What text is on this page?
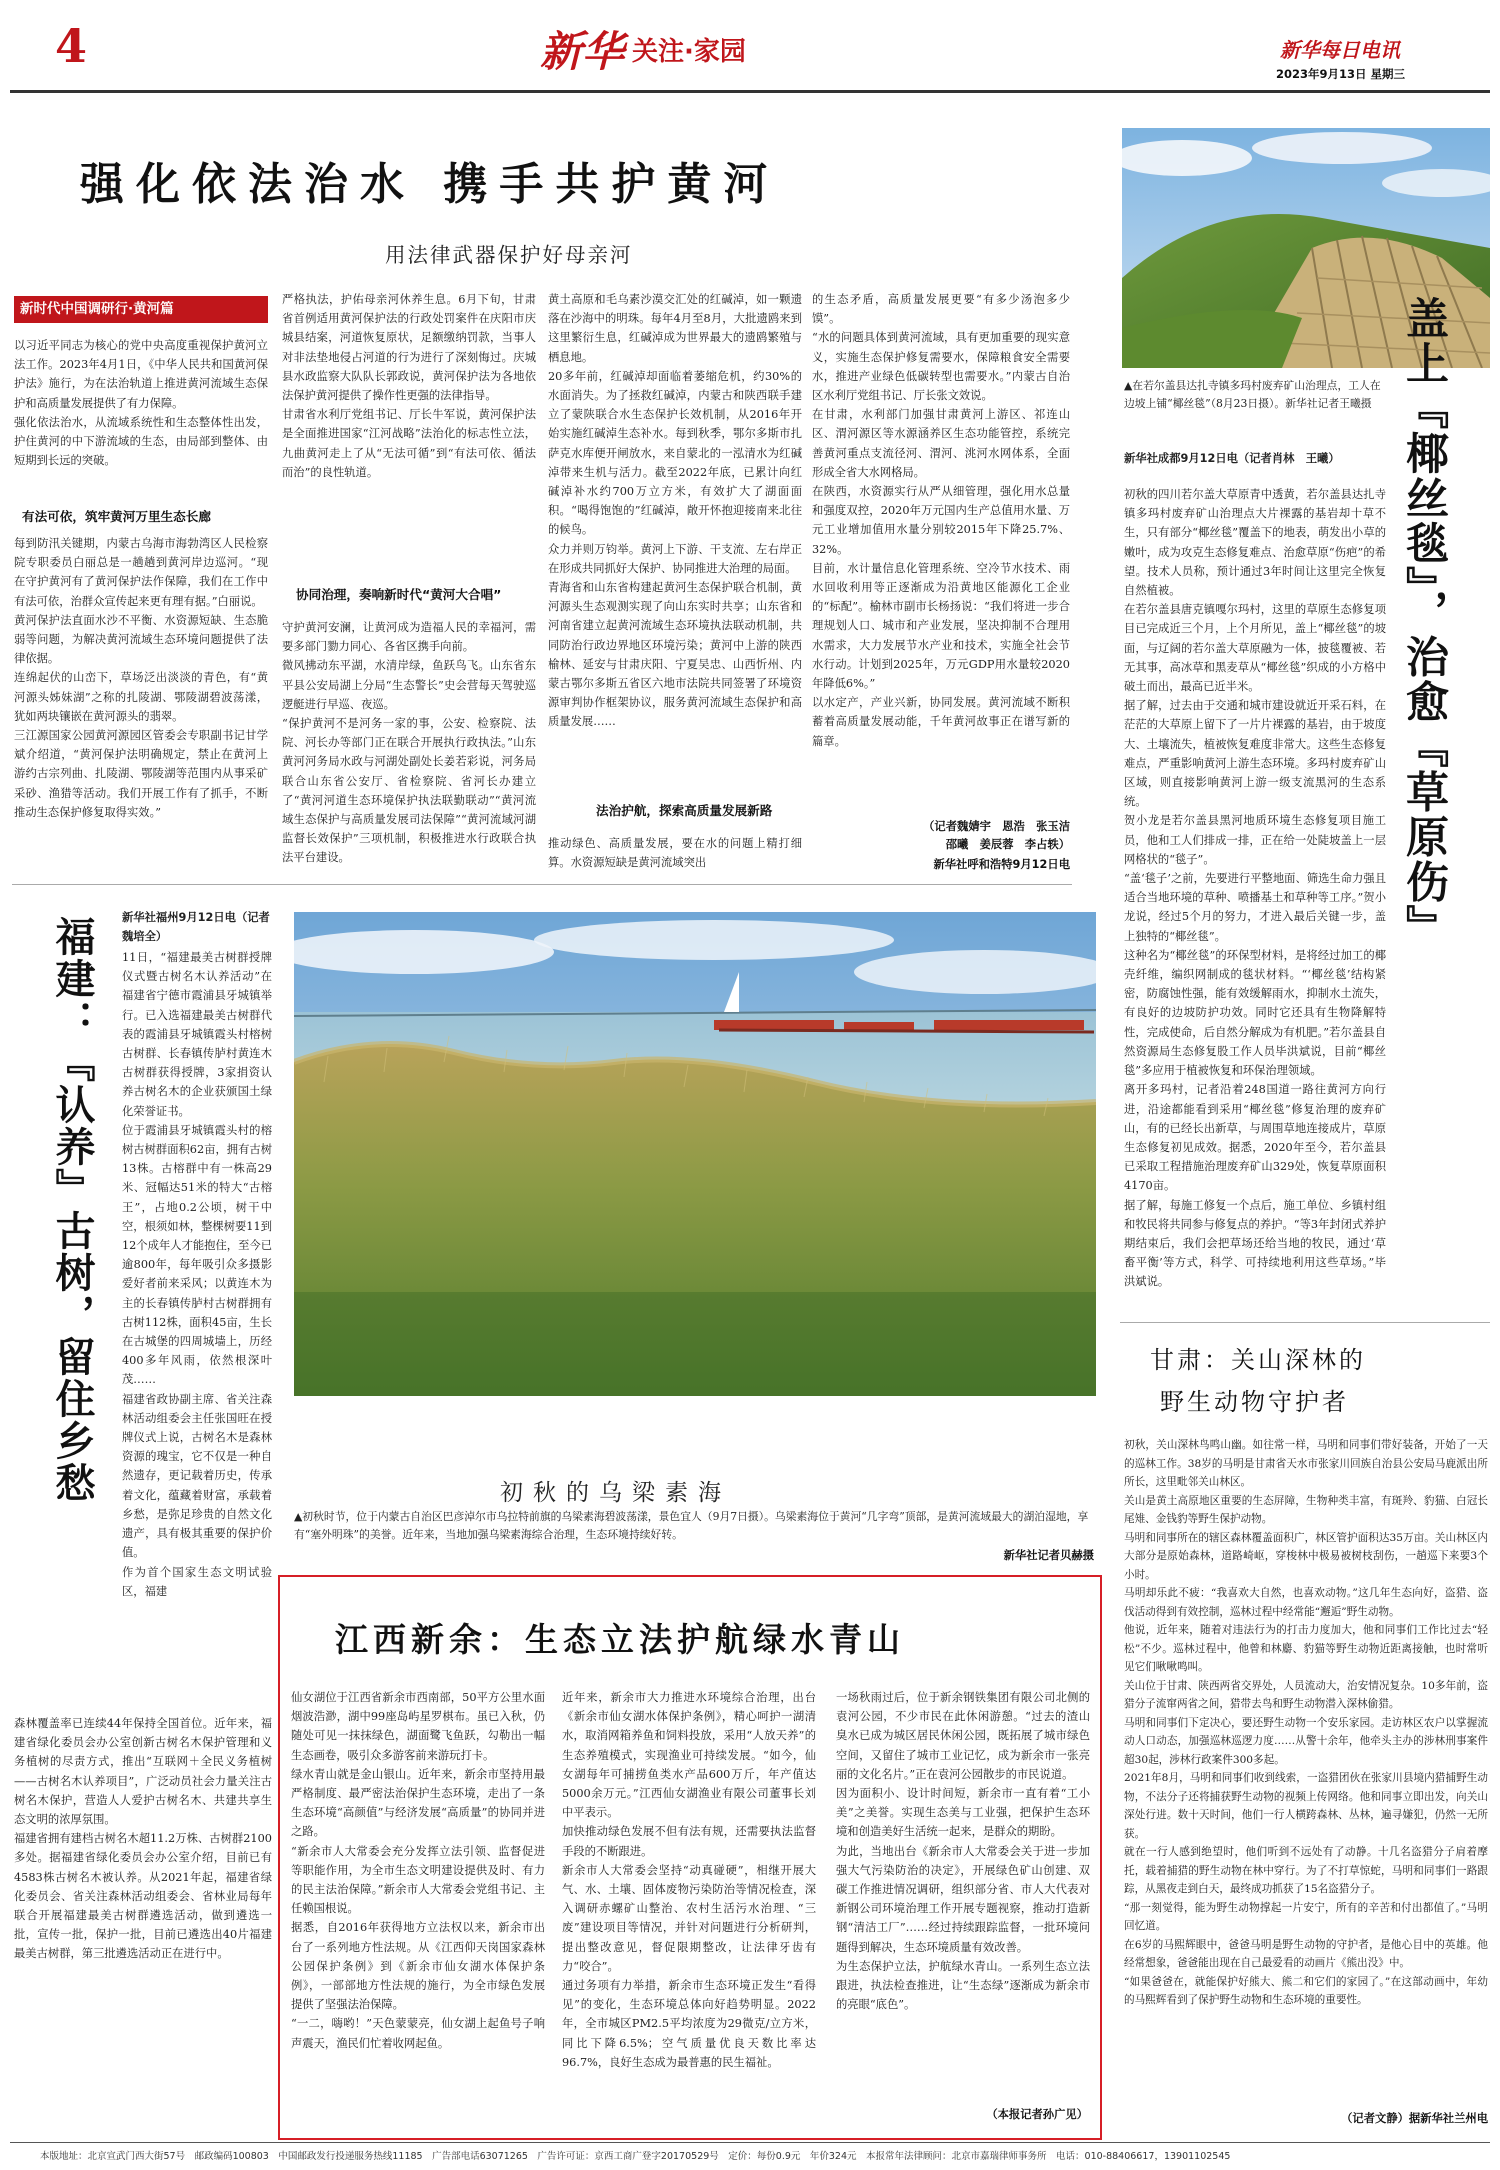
4	新华 关注·家园	新华每日电讯
2023年9月13日 星期三
强化依法治水 携手共护黄河
用法律武器保护好母亲河
新时代中国调研行·黄河篇
以习近平同志为核心的党中央高度重视保护黄河立法工作。2023年4月1日，《中华人民共和国黄河保护法》施行，为在法治轨道上推进黄河流域生态保护和高质量发展提供了有力保障。
强化依法治水，从流域系统性和生态整体性出发，护住黄河的中下游流域的生态，由局部到整体、由短期到长远的突破。
有法可依，筑牢黄河万里生态长廊
每到防汛关键期，内蒙古乌海市海勃湾区人民检察院专职委员白丽总是一趟趟到黄河岸边巡河。“现在守护黄河有了黄河保护法作保障，我们在工作中有法可依，治群众宣传起来更有理有据。”白丽说。
黄河保护法直面水沙不平衡、水资源短缺、生态脆弱等问题，为解决黄河流域生态环境问题提供了法律依据。
连绵起伏的山峦下，草场泛出淡淡的青色，有“黄河源头姊妹湖”之称的扎陵湖、鄂陵湖碧波荡漾，犹如两块镶嵌在黄河源头的翡翠。
三江源国家公园黄河源园区管委会专职副书记甘学斌介绍道，“黄河保护法明确规定，禁止在黄河上游约古宗列曲、扎陵湖、鄂陵湖等范围内从事采矿采砂、渔猎等活动。我们开展工作有了抓手，不断推动生态保护修复取得实效。”
严格执法，护佑母亲河休养生息。6月下旬，甘肃省首例适用黄河保护法的行政处罚案件在庆阳市庆城县结案，河道恢复原状，足额缴纳罚款，当事人对非法垫地侵占河道的行为进行了深刻悔过。庆城县水政监察大队队长郭政说，黄河保护法为各地依法保护黄河提供了操作性更强的法律指导。
甘肃省水利厅党组书记、厅长牛军说，黄河保护法是全面推进国家“江河战略”法治化的标志性立法，九曲黄河走上了从“无法可循”到“有法可依、循法而治”的良性轨道。
协同治理，奏响新时代“黄河大合唱”
守护黄河安澜，让黄河成为造福人民的幸福河，需要多部门勠力同心、各省区携手向前。
微风拂动东平湖，水清岸绿，鱼跃鸟飞。山东省东平县公安局湖上分局“生态警长”史会营每天驾驶巡逻艇进行早巡、夜巡。
“保护黄河不是河务一家的事，公安、检察院、法院、河长办等部门正在联合开展执行政执法。”山东黄河河务局水政与河湖处副处长姜若彩说，河务局联合山东省公安厅、省检察院、省河长办建立了“黄河河道生态环境保护执法联勤联动”“黄河流域生态保护与高质量发展司法保障”“黄河流域河湖监督长效保护”三项机制，积极推进水行政联合执法平台建设。
黄土高原和毛乌素沙漠交汇处的红碱淖，如一颗遗落在沙海中的明珠。每年4月至8月，大批遗鸥来到这里繁衍生息，红碱淖成为世界最大的遗鸥繁殖与栖息地。
20多年前，红碱淖却面临着萎缩危机，约30%的水面消失。为了拯救红碱淖，内蒙古和陕西联手建立了蒙陕联合水生态保护长效机制，从2016年开始实施红碱淖生态补水。每到秋季，鄂尔多斯市扎萨克水库便开闸放水，来自蒙北的一泓清水为红碱淖带来生机与活力。截至2022年底，已累计向红碱淖补水约700万立方米，有效扩大了湖面面积。“喝得饱饱的”红碱淖，敞开怀抱迎接南来北往的候鸟。
众力并则万钧举。黄河上下游、干支流、左右岸正在形成共同抓好大保护、协同推进大治理的局面。
青海省和山东省构建起黄河生态保护联合机制，黄河源头生态观测实现了向山东实时共享；山东省和河南省建立起黄河流域生态环境执法联动机制，共同防治行政边界地区环境污染；黄河中上游的陕西榆林、延安与甘肃庆阳、宁夏吴忠、山西忻州、内蒙古鄂尔多斯五省区六地市法院共同签署了环境资源审判协作框架协议，服务黄河流域生态保护和高质量发展……
法治护航，探索高质量发展新路
推动绿色、高质量发展，要在水的问题上精打细算。水资源短缺是黄河流域突出
的生态矛盾，高质量发展更要“有多少汤泡多少馍”。
“水的问题具体到黄河流域，具有更加重要的现实意义，实施生态保护修复需要水，保障粮食安全需要水，推进产业绿色低碳转型也需要水。”内蒙古自治区水利厅党组书记、厅长张文效说。
在甘肃，水利部门加强甘肃黄河上游区、祁连山区、渭河源区等水源涵养区生态功能管控，系统完善黄河重点支流径河、渭河、洮河水网体系，全面形成全省大水网格局。
在陕西，水资源实行从严从细管理，强化用水总量和强度双控，2020年万元国内生产总值用水量、万元工业增加值用水量分别较2015年下降25.7%、32%。
目前，水计量信息化管理系统、空冷节水技术、雨水回收利用等正逐渐成为沿黄地区能源化工企业的“标配”。榆林市副市长杨扬说：“我们将进一步合理规划人口、城市和产业发展，坚决抑制不合理用水需求，大力发展节水产业和技术，实施全社会节水行动。计划到2025年，万元GDP用水量较2020年降低6%。”
以水定产，产业兴新，协同发展。黄河流域不断积蓄着高质量发展动能，千年黄河故事正在谱写新的篇章。
（记者魏婧宇　恩浩　张玉洁
邵曦　姜辰蓉　李占轶）
新华社呼和浩特9月12日电
▲在若尔盖县达扎寺镇多玛村废弃矿山治理点，工人在边坡上铺“椰丝毯”（8月23日摄）。新华社记者王曦摄 盖上『椰丝毯』，治愈『草原伤』
新华社成都9月12日电（记者肖林　王曦）
初秋的四川若尔盖大草原青中透黄，若尔盖县达扎寺镇多玛村废弃矿山治理点大片裸露的基岩却十草不生，只有部分“椰丝毯”覆盖下的地表，萌发出小草的嫩叶，成为攻克生态修复难点、治愈草原“伤疤”的希望。技术人员称，预计通过3年时间让这里完全恢复自然植被。
在若尔盖县唐克镇嘎尔玛村，这里的草原生态修复项目已完成近三个月，上个月所见，盖上“椰丝毯”的坡面，与辽阔的若尔盖大草原融为一体，披毯覆被、若无其事，高冰草和黑麦草从“椰丝毯”织成的小方格中破土而出，最高已近半米。
据了解，过去由于交通和城市建设就近开采石料，在茫茫的大草原上留下了一片片裸露的基岩，由于坡度大、土壤流失，植被恢复难度非常大。这些生态修复难点，严重影响黄河上游生态环境。多玛村废弃矿山区域，则直接影响黄河上游一级支流黑河的生态系统。
贺小龙是若尔盖县黑河地质环境生态修复项目施工员，他和工人们排成一排，正在给一处陡坡盖上一层网格状的“毯子”。
“盖‘毯子’之前，先要进行平整地面、筛选生命力强且适合当地环境的草种、喷播基土和草种等工序。”贺小龙说，经过5个月的努力，才进入最后关键一步，盖上独特的“椰丝毯”。
这种名为“椰丝毯”的环保型材料，是将经过加工的椰壳纤维，编织网制成的毯状材料。“‘椰丝毯’结构紧密，防腐蚀性强，能有效缓解雨水，抑制水土流失，有良好的边坡防护功效。同时它还具有生物降解特性，完成使命，后自然分解成为有机肥。”若尔盖县自然资源局生态修复股工作人员毕洪斌说，目前“椰丝毯”多应用于植被恢复和环保治理领域。
离开多玛村，记者沿着248国道一路往黄河方向行进，沿途都能看到采用“椰丝毯”修复治理的废弃矿山，有的已经长出新草，与周围草地连接成片，草原生态修复初见成效。据悉，2020年至今，若尔盖县已采取工程措施治理废弃矿山329处，恢复草原面积4170亩。
据了解，每施工修复一个点后，施工单位、乡镇村组和牧民将共同参与修复点的养护。“等3年封闭式养护期结束后，我们会把草场还给当地的牧民，通过‘草畜平衡’等方式，科学、可持续地利用这些草场。”毕洪斌说。
福建：『认养』古树，留住乡愁 新华社福州9月12日电（记者魏培全）
11日，“福建最美古树群授牌仪式暨古树名木认养活动”在福建省宁德市霞浦县牙城镇举行。已入选福建最美古树群代表的霞浦县牙城镇霞头村榕树古树群、长春镇传胪村黄连木古树群获得授牌，3家捐资认养古树名木的企业获颁国土绿化荣誉证书。
位于霞浦县牙城镇霞头村的榕树古树群面积62亩，拥有古树13株。古榕群中有一株高29米、冠幅达51米的特大“古榕王”，占地0.2公顷，树干中空，根须如林，整棵树要11到12个成年人才能抱住，至今已逾800年，每年吸引众多摄影爱好者前来采风；以黄连木为主的长春镇传胪村古树群拥有古树112株，面积45亩，生长在古城堡的四周城墙上，历经400多年风雨，依然根深叶茂……
福建省政协副主席、省关注森林活动组委会主任张国旺在授牌仪式上说，古树名木是森林资源的瑰宝，它不仅是一种自然遗存，更记载着历史，传承着文化，蕴藏着财富，承载着乡愁，是弥足珍贵的自然文化遗产，具有极其重要的保护价值。
作为首个国家生态文明试验区，福建
森林覆盖率已连续44年保持全国首位。近年来，福建省绿化委员会办公室创新古树名木保护管理和义务植树的尽责方式，推出“互联网＋全民义务植树——古树名木认养项目”，广泛动员社会力量关注古树名木保护，营造人人爱护古树名木、共建共享生态文明的浓厚氛围。
福建省拥有建档古树名木超11.2万株、古树群2100多处。据福建省绿化委员会办公室介绍，目前已有4583株古树名木被认养。从2021年起，福建省绿化委员会、省关注森林活动组委会、省林业局每年联合开展福建最美古树群遴选活动，做到遴选一批，宣传一批，保护一批，目前已遴选出40片福建最美古树群，第三批遴选活动正在进行中。
初秋的乌梁素海
▲初秋时节，位于内蒙古自治区巴彦淖尔市乌拉特前旗的乌梁素海碧波荡漾，景色宜人（9月7日摄）。乌梁素海位于黄河“几字弯”顶部，是黄河流域最大的湖泊湿地，享有“塞外明珠”的美誉。近年来，当地加强乌梁素海综合治理，生态环境持续好转。
新华社记者贝赫摄
江西新余：生态立法护航绿水青山
仙女湖位于江西省新余市西南部，50平方公里水面烟波浩渺，湖中99座岛屿星罗棋布。虽已入秋，仍随处可见一抹抹绿色，湖面鹭飞鱼跃，勾勒出一幅生态画卷，吸引众多游客前来游玩打卡。
绿水青山就是金山银山。近年来，新余市坚持用最严格制度、最严密法治保护生态环境，走出了一条生态环境“高颜值”与经济发展“高质量”的协同并进之路。
“新余市人大常委会充分发挥立法引领、监督促进等职能作用，为全市生态文明建设提供及时、有力的民主法治保障。”新余市人大常委会党组书记、主任赖国根说。
据悉，自2016年获得地方立法权以来，新余市出台了一系列地方性法规。从《江西仰天岗国家森林公园保护条例》到《新余市仙女湖水体保护条例》，一部部地方性法规的施行，为全市绿色发展提供了坚强法治保障。
“一二，嗨哟！”天色蒙蒙亮，仙女湖上起鱼号子响声震天，渔民们忙着收网起鱼。
近年来，新余市大力推进水环境综合治理，出台《新余市仙女湖水体保护条例》，精心呵护一湖清水，取消网箱养鱼和饲料投放，采用“人放天养”的生态养殖模式，实现渔业可持续发展。“如今，仙女湖每年可捕捞鱼类水产品600万斤，年产值达5000余万元。”江西仙女湖渔业有限公司董事长刘中平表示。
加快推动绿色发展不但有法有规，还需要执法监督手段的不断跟进。
新余市人大常委会坚持“动真碰硬”，相继开展大气、水、土壤、固体废物污染防治等情况检查，深入调研赤螺矿山整治、农村生活污水治理、“三废”建设项目等情况，并针对问题进行分析研判，提出整改意见，督促限期整改，让法律牙齿有力“咬合”。
通过务项有力举措，新余市生态环境正发生“看得见”的变化，生态环境总体向好趋势明显。2022年，全市城区PM2.5平均浓度为29微克/立方米，同比下降6.5%；空气质量优良天数比率达96.7%，良好生态成为最普惠的民生福祉。
一场秋雨过后，位于新余钢铁集团有限公司北侧的袁河公园，不少市民在此休闲游憩。“过去的渣山臭水已成为城区居民休闲公园，既拓展了城市绿色空间，又留住了城市工业记忆，成为新余市一张亮丽的文化名片。”正在袁河公园散步的市民说道。
因为面积小、设计时间短，新余市一直有着“工小美”之美誉。实现生态美与工业强，把保护生态环境和创造美好生活统一起来，是群众的期盼。
为此，当地出台《新余市人大常委会关于进一步加强大气污染防治的决定》，开展绿色矿山创建、双碳工作推进情况调研，组织部分省、市人大代表对新钢公司环境治理工作开展专题视察，推动打造新钢“清洁工厂”……经过持续跟踪监督，一批环境问题得到解决，生态环境质量有效改善。
为生态保护立法，护航绿水青山。一系列生态立法跟进，执法检查推进，让“生态绿”逐渐成为新余市的亮眼“底色”。
（本报记者孙广见）
甘肃：关山深林的
野生动物守护者
初秋，关山深林鸟鸣山幽。如往常一样，马明和同事们带好装备，开始了一天的巡林工作。38岁的马明是甘肃省天水市张家川回族自治县公安局马鹿派出所所长，这里毗邻关山林区。
关山是黄土高原地区重要的生态屏障，生物种类丰富，有斑羚、豹猫、白冠长尾雉、金钱豹等野生保护动物。
马明和同事所在的辖区森林覆盖面积广，林区管护面积达35万亩。关山林区内大部分是原始森林，道路崎岖，穿梭林中极易被树枝刮伤，一趟巡下来要3个小时。
马明却乐此不疲：“我喜欢大自然，也喜欢动物。”这几年生态向好，盗猎、盗伐活动得到有效控制，巡林过程中经常能“邂逅”野生动物。
他说，近年来，随着对违法行为的打击力度加大，他和同事们工作比过去“轻松”不少。巡林过程中，他曾和林麝、豹猫等野生动物近距离接触，也时常听见它们啾啾鸣叫。
关山位于甘肃、陕西两省交界处，人员流动大，治安情况复杂。10多年前，盗猎分子流窜两省之间，猎带去鸟和野生动物潜入深林偷猎。
马明和同事们下定决心，要还野生动物一个安乐家园。走访林区农户以掌握流动人口动态，加强巡林巡逻力度……从警十余年，他牵头主办的涉林刑事案件超30起，涉林行政案件300多起。
2021年8月，马明和同事们收到线索，一盗猎团伙在张家川县境内猎捕野生动物，不法分子还将捕获野生动物的视频上传网络。他和同事立即出发，向关山深处行进。数十天时间，他们一行人横跨森林、丛林，遍寻嫌犯，仍然一无所获。
就在一行人感到绝望时，他们听到不远处有了动静。十几名盗猎分子肩着摩托，载着捕猎的野生动物在林中穿行。为了不打草惊蛇，马明和同事们一路跟踪，从黑夜走到白天，最终成功抓获了15名盗猎分子。
“那一刻觉得，能为野生动物撑起一片安宁，所有的辛苦和付出都值了。”马明回忆道。
在6岁的马熙辉眼中，爸爸马明是野生动物的守护者，是他心目中的英雄。他经常想象，爸爸能出现在自己最爱看的动画片《熊出没》中。
“如果爸爸在，就能保护好熊大、熊二和它们的家园了。”在这部动画中，年幼的马熙辉看到了保护野生动物和生态环境的重要性。
（记者文静）据新华社兰州电
本版地址：北京宣武门西大街57号　邮政编码100803　中国邮政发行投递服务热线11185　广告部电话63071265　广告许可证：京西工商广登字20170529号　定价：每份0.9元　年价324元　本报常年法律顾问：北京市嘉瑞律师事务所　电话：010-88406617，13901102545
